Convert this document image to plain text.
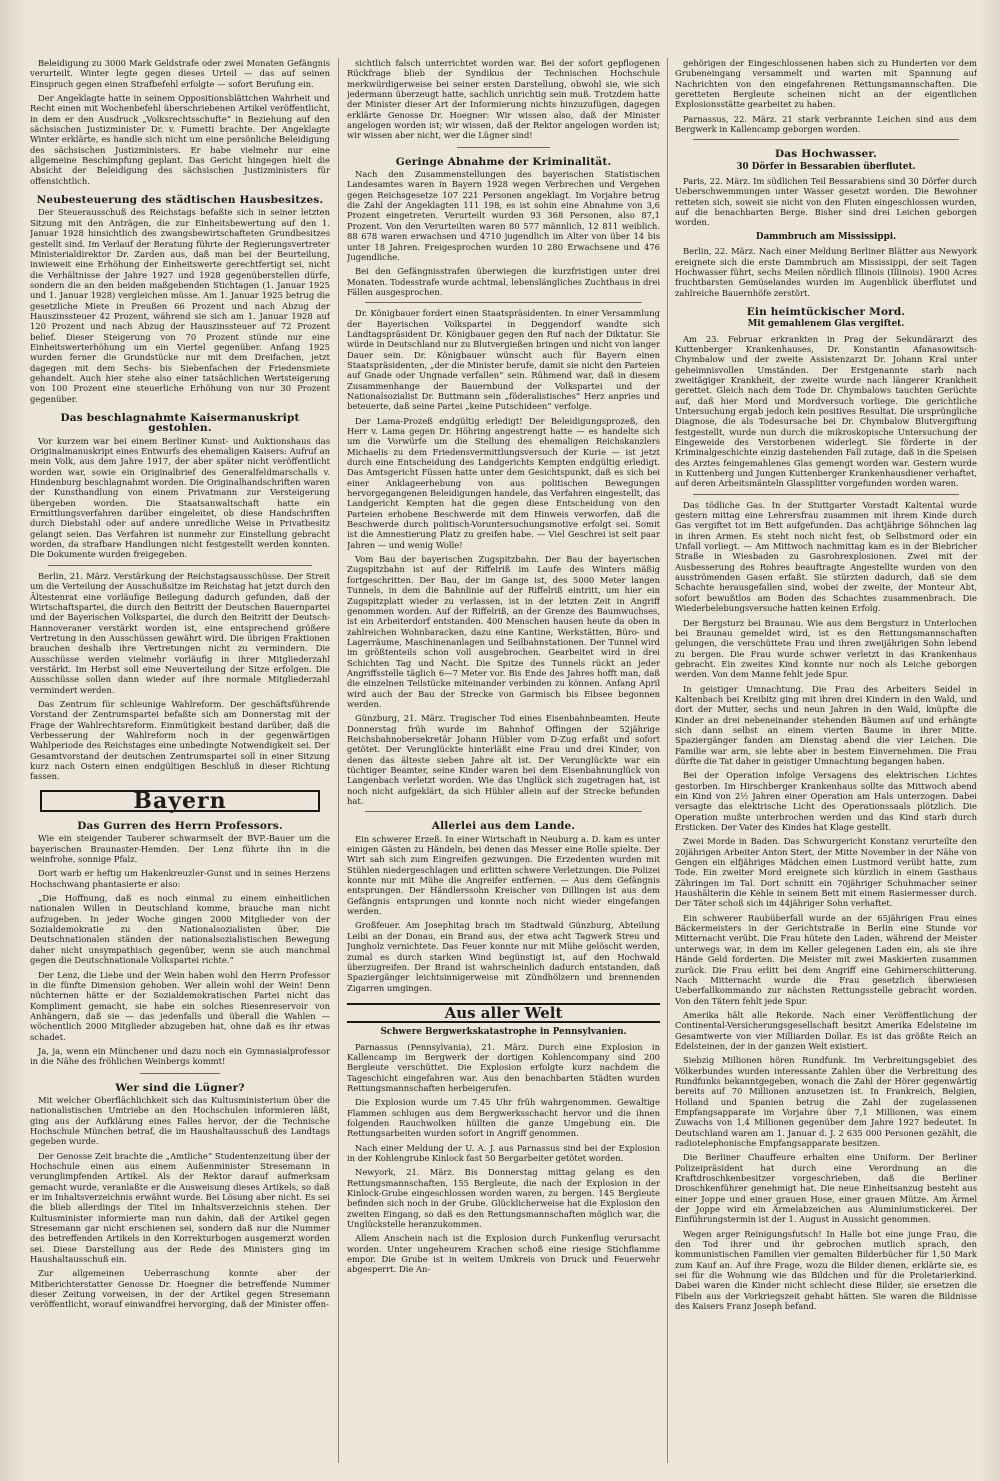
Beleidigung zu 3000 Mark Geldstrafe oder zwei Monaten Gefängnis verurteilt. Winter legte gegen dieses Urteil — das auf seinen Einspruch gegen einen Strafbefehl erfolgte — sofort Berufung ein.

Der Angeklagte hatte in seinem Oppositionsblättchen Wahrheit und Recht einen mit Wochenbefehl überschriebenen Artikel veröffentlicht, in dem er den Ausdruck „Volksrechtsschufte“ in Beziehung auf den sächsischen Justizminister Dr. v. Fumetti brachte. Der Angeklagte Winter erklärte, es handle sich nicht um eine persönliche Beleidigung des sächsischen Justizministers. Er habe vielmehr nur eine allgemeine Beschimpfung geplant. Das Gericht hingegen hielt die Absicht der Beleidigung des sächsischen Justizministers für offensichtlich.

Neubesteuerung des städtischen Hausbesitzes.

Der Steuerausschuß des Reichstags befaßte sich in seiner letzten Sitzung mit den Anträgen, die zur Einheitsbewertung auf den 1. Januar 1928 hinsichtlich des zwangsbewirtschafteten Grundbesitzes gestellt sind. Im Verlauf der Beratung führte der Regierungsvertreter Ministerialdirektor Dr. Zarden aus, daß man bei der Beurteilung, inwieweit eine Erhöhung der Einheitswerte gerechtfertigt sei, nicht die Verhältnisse der Jahre 1927 und 1928 gegenüberstellen dürfe, sondern die an den beiden maßgebenden Stichtagen (1. Januar 1925 und 1. Januar 1928) vergleichen müsse. Am 1. Januar 1925 betrug die gesetzliche Miete in Preußen 66 Prozent und nach Abzug der Hauszinssteuer 42 Prozent, während sie sich am 1. Januar 1928 auf 120 Prozent und nach Abzug der Hauszinssteuer auf 72 Prozent belief. Dieser Steigerung von 70 Prozent stünde nur eine Einheitswerterhöhung um ein Viertel gegenüber. Anfang 1925 wurden ferner die Grundstücke nur mit dem Dreifachen, jetzt dagegen mit dem Sechs- bis Siebenfachen der Friedensmiete gehandelt. Auch hier stehe also einer tatsächlichen Wertsteigerung von 100 Prozent eine steuerliche Erhöhung von nur 30 Prozent gegenüber.

Das beschlagnahmte Kaisermanuskript gestohlen.

Vor kurzem war bei einem Berliner Kunst- und Auktionshaus das Originalmanuskript eines Entwurfs des ehemaligen Kaisers: Aufruf an mein Volk, aus dem Jahre 1917, der aber später nicht veröffentlicht worden war, sowie ein Originalbrief des Generalfeldmarschalls v. Hindenburg beschlagnahmt worden. Die Originalhandschriften waren der Kunsthandlung von einem Privatmann zur Versteigerung übergeben worden. Die Staatsanwaltschaft hatte ein Ermittlungsverfahren darüber eingeleitet, ob diese Handschriften durch Diebstahl oder auf andere unredliche Weise in Privatbesitz gelangt seien. Das Verfahren ist nunmehr zur Einstellung gebracht worden, da strafbare Handlungen nicht festgestellt werden konnten. Die Dokumente wurden freigegeben.

Berlin, 21. März. Verstärkung der Reichstagsausschüsse. Der Streit um die Verteilung der Ausschußsitze im Reichstag hat jetzt durch den Ältestenrat eine vorläufige Beilegung dadurch gefunden, daß der Wirtschaftspartei, die durch den Beitritt der Deutschen Bauernpartei und der Bayerischen Volkspartei, die durch den Beitritt der Deutsch-Hannoveraner verstärkt worden ist, eine entsprechend größere Vertretung in den Ausschüssen gewährt wird. Die übrigen Fraktionen brauchen deshalb ihre Vertretungen nicht zu vermindern. Die Ausschüsse werden vielmehr vorläufig in ihrer Mitgliederzahl verstärkt. Im Herbst soll eine Neuverteilung der Sitze erfolgen. Die Ausschüsse sollen dann wieder auf ihre normale Mitgliederzahl vermindert werden.

Das Zentrum für schleunige Wahlreform. Der geschäftsführende Vorstand der Zentrumspartei befaßte sich am Donnerstag mit der Frage der Wahlrechtsreform. Einmütigkeit bestand darüber, daß die Verbesserung der Wahlreform noch in der gegenwärtigen Wahlperiode des Reichstages eine unbedingte Notwendigkeit sei. Der Gesamtvorstand der deutschen Zentrumspartei soll in einer Sitzung kurz nach Ostern einen endgültigen Beschluß in dieser Richtung fassen.

Bayern
Das Gurren des Herrn Professors.

Wie ein steigender Tauberer schwarmselt der BVP.-Bauer um die bayerischen Braunaster-Hemden. Der Lenz führte ihn in die weinfrohe, sonnige Pfalz.

Dort warb er heftig um Hakenkreuzler-Gunst und in seines Herzens Hochschwang phantasierte er also:

„Die Hoffnung, daß es noch einmal zu einem einheitlichen nationalen Willen in Deutschland komme, brauche man nicht aufzugeben. In jeder Woche gingen 2000 Mitglieder von der Sozialdemokratie zu den Nationalsozialisten über. Die Deutschnationalen ständen der nationalsozialistischen Bewegung daher nicht unsympathisch gegenüber, wenn sie auch manchmal gegen die Deutschnationale Volkspartei richte.“

Der Lenz, die Liebe und der Wein haben wohl den Herrn Professor in die fünfte Dimension gehoben. Wer allein wohl der Wein! Denn nüchternen hätte er der Sozialdemokratischen Partei nicht das Kompliment gemacht, sie habe ein solches Riesenreservoir von Anhängern, daß sie — das jedenfalls und überall die Wahlen — wöchentlich 2000 Mitglieder abzugeben hat, ohne daß es ihr etwas schadet.

Ja, ja, wenn ein Münchener und dazu noch ein Gymnasialprofessor in die Nähe des fröhlichen Weinbergs kommt!

Wer sind die Lügner?

Mit welcher Oberflächlichkeit sich das Kultusministerium über die nationalistischen Umtriebe an den Hochschulen informieren läßt, ging aus der Aufklärung eines Falles hervor, der die Technische Hochschule München betraf, die im Haushaltausschuß des Landtags gegeben wurde.

Der Genosse Zeit brachte die „Amtliche“ Studentenzeitung über der Hochschule einen aus einem Außenminister Stresemann in verunglimpfenden Artikel. Als der Rektor darauf aufmerksam gemacht wurde, veranlaßte er die Ausweisung dieses Artikels, so daß er im Inhaltsverzeichnis erwähnt wurde. Bei Lösung aber nicht. Es sei die blieb allerdings der Titel im Inhaltsverzeichnis stehen. Der Kultusminister informierte man nun dahin, daß der Artikel gegen Stresemann gar nicht erschienen sei, sondern daß nur die Nummer des betreffenden Artikels in den Korrekturbogen ausgemerzt worden sei. Diese Darstellung aus der Rede des Ministers ging im Haushaltausschuß ein.

Zur allgemeinen Ueberraschung konnte aber der Mitberichterstatter Genosse Dr. Hoegner die betreffende Nummer dieser Zeitung vorweisen, in der der Artikel gegen Stresemann veröffentlicht, worauf einwandfrei hervorging, daß der Minister offen-

sichtlich falsch unterrichtet worden war. Bei der sofort gepflogenen Rückfrage blieb der Syndikus der Technischen Hochschule merkwürdigerweise bei seiner ersten Darstellung, obwohl sie, wie sich jedermann überzeugt hatte, sachlich unrichtig sein muß. Trotzdem hatte der Minister dieser Art der Informierung nichts hinzuzufügen, dagegen erklärte Genosse Dr. Hoegner: Wir wissen also, daß der Minister angelogen worden ist; wir wissen, daß der Rektor angelogen worden ist; wir wissen aber nicht, wer die Lügner sind!

Geringe Abnahme der Kriminalität.

Nach den Zusammenstellungen des bayerischen Statistischen Landesamtes waren in Bayern 1928 wegen Verbrechen und Vergehen gegen Reichsgesetze 107 221 Personen angeklagt. Im Vorjahre betrug die Zahl der Angeklagten 111 198, es ist sohin eine Abnahme von 3,6 Prozent eingetreten. Verurteilt wurden 93 368 Personen, also 87,1 Prozent. Von den Verurteilten waren 80 577 männlich, 12 811 weiblich. 88 678 waren erwachsen und 4710 jugendlich im Alter von über 14 bis unter 18 Jahren. Freigesprochen wurden 10 280 Erwachsene und 476 Jugendliche.

Bei den Gefängnisstrafen überwiegen die kurzfristigen unter drei Monaten. Todesstrafe wurde achtmal, lebenslängliches Zuchthaus in drei Fällen ausgesprochen.

Dr. Königbauer fordert einen Staatspräsidenten. In einer Versammlung der Bayerischen Volkspartei in Deggendorf wandte sich Landtagspräsident Dr. Königbauer gegen den Ruf nach der Diktatur. Sie würde in Deutschland nur zu Blutvergießen bringen und nicht von langer Dauer sein. Dr. Königbauer wünscht auch für Bayern einen Staatspräsidenten, „der die Minister berufe, damit sie nicht den Parteien auf Gnade oder Ungnade verfallen“ sein. Rühmend war, daß in diesem Zusammenhange der Bauernbund der Volkspartei und der Nationalsozialist Dr. Buttmann sein „föderalistisches“ Herz anpries und beteuerte, daß seine Partei „keine Putschideen“ verfolge.

Der Lama-Prozeß endgültig erledigt! Der Beleidigungsprozeß, den Herr v. Lama gegen Dr. Höhring angestrengt hatte — es handelte sich um die Vorwürfe um die Stellung des ehemaligen Reichskanzlers Michaelis zu dem Friedensvermittlungsversuch der Kurie — ist jetzt durch eine Entscheidung des Landgerichts Kempten endgültig erledigt. Das Amtsgericht Füssen hatte unter dem Gesichtspunkt, daß es sich bei einer Anklageerhebung von aus politischen Bewegungen hervorgegangenen Beleidigungen handele, das Verfahren eingestellt, das Landgericht Kempten hat die gegen diese Entscheidung von den Parteien erhobene Beschwerde mit dem Hinweis verworfen, daß die Beschwerde durch politisch-Voruntersuchungsmotive erfolgt sei. Somit ist die Amnestierung Platz zu greifen habe. — Viel Geschrei ist seit paar Jahren — und wenig Wolle!

Vom Bau der bayerischen Zugspitzbahn. Der Bau der bayerischen Zugspitzbahn ist auf der Riffelriß im Laufe des Winters mäßig fortgeschritten. Der Bau, der im Gange ist, des 5000 Meter langen Tunnels, in dem die Bahnlinie auf der Riffelriß eintritt, um hier ein Zugspitzplatt wieder zu verlassen, ist in der letzten Zeit in Angriff genommen worden. Auf der Riffelriß, an der Grenze des Baumwuchses, ist ein Arbeiterdorf entstanden. 400 Menschen hausen heute da oben in zahlreichen Wohnbaracken, dazu eine Kantine, Werkstätten, Büro- und Lagerräume, Maschinenanlagen und Seilbahnstationen. Der Tunnel wird im größtenteils schon voll ausgebrochen. Gearbeitet wird in drei Schichten Tag und Nacht. Die Spitze des Tunnels rückt an jeder Angriffsstelle täglich 6—7 Meter vor. Bis Ende des Jahres hofft man, daß die einzelnen Teilstücke miteinander verbinden zu können. Anfang April wird auch der Bau der Strecke von Garmisch bis Eibsee begonnen werden.

Günzburg, 21. März. Tragischer Tod eines Eisenbahnbeamten. Heute Donnerstag früh wurde im Bahnhof Offingen der 52jährige Reichsbahnobersekretär Johann Hübler vom D-Zug erfaßt und sofort getötet. Der Verunglückte hinterläßt eine Frau und drei Kinder, von denen das älteste sieben Jahre alt ist. Der Verunglückte war ein tüchtiger Beamter, seine Kinder waren bei dem Eisenbahnunglück von Langenbach verletzt worden. Wie das Unglück sich zugetragen hat, ist noch nicht aufgeklärt, da sich Hübler allein auf der Strecke befunden hat.

Allerlei aus dem Lande.

Ein schwerer Erzeß. In einer Wirtschaft in Neuburg a. D. kam es unter einigen Gästen zu Händeln, bei denen das Messer eine Rolle spielte. Der Wirt sah sich zum Eingreifen gezwungen. Die Erzedenten wurden mit Stühlen niedergeschlagen und erlitten schwere Verletzungen. Die Polizei konnte nur mit Mühe die Angreifer entfernen. — Aus dem Gefängnis entsprungen. Der Händlerssohn Kreischer von Dillingen ist aus dem Gefängnis entsprungen und konnte noch nicht wieder eingefangen werden.

Großfeuer. Am Josephitag brach im Stadtwald Günzburg, Abteilung Leibi an der Donau, ein Brand aus, der etwa acht Tagwerk Streu und Jungholz vernichtete. Das Feuer konnte nur mit Mühe gelöscht werden, zumal es durch starken Wind begünstigt ist, auf den Hochwald überzugreifen. Der Brand ist wahrscheinlich dadurch entstanden, daß Spaziergänger leichtsinnigerweise mit Zündhölzern und brennenden Zigarren umgingen.

Aus aller Welt
Schwere Bergwerkskatastrophe in Pennsylvanien.

Parnassus (Pennsylvania), 21. März. Durch eine Explosion in Kallencamp im Bergwerk der dortigen Kohlencompany sind 200 Bergleute verschüttet. Die Explosion erfolgte kurz nachdem die Tageschicht eingefahren war. Aus den benachbarten Städten wurden Rettungsmannschaften herbeigerufen.

Die Explosion wurde um 7.45 Uhr früh wahrgenommen. Gewaltige Flammen schlugen aus dem Bergwerksschacht hervor und die ihnen folgenden Rauchwolken hüllten die ganze Umgebung ein. Die Rettungsarbeiten wurden sofort in Angriff genommen.

Nach einer Meldung der U. A. J. aus Parnassus sind bei der Explosion in der Kohlengrube Kinlock fast 50 Bergarbeiter getötet worden.

Newyork, 21. März. Bis Donnerstag mittag gelang es den Rettungsmannschaften, 155 Bergleute, die nach der Explosion in der Kinlock-Grube eingeschlossen worden waren, zu bergen. 145 Bergleute befinden sich noch in der Grube. Glücklicherweise hat die Explosion den zweiten Eingang, so daß es den Rettungsmannschaften möglich war, die Unglückstelle heranzukommen.

Allem Anschein nach ist die Explosion durch Funkenflug verursacht worden. Unter ungeheurem Krachen schoß eine riesige Stichflamme empor. Die Grube ist in weitem Umkreis von Druck und Feuerwehr abgesperrt. Die An-

gehörigen der Eingeschlossenen haben sich zu Hunderten vor dem Grubeneingang versammelt und warten mit Spannung auf Nachrichten von den eingefahrenen Rettungsmannschaften. Die geretteten Bergleute scheinen nicht an der eigentlichen Explosionsstätte gearbeitet zu haben.

Parnassus, 22. März. 21 stark verbrannte Leichen sind aus dem Bergwerk in Kallencamp geborgen worden.

Das Hochwasser.
30 Dörfer in Bessarabien überflutet.

Paris, 22. März. Im südlichen Teil Bessarabiens sind 30 Dörfer durch Ueberschwemmungen unter Wasser gesetzt worden. Die Bewohner retteten sich, soweit sie nicht von den Fluten eingeschlossen wurden, auf die benachbarten Berge. Bisher sind drei Leichen geborgen worden.

Dammbruch am Mississippi.

Berlin, 22. März. Nach einer Meldung Berliner Blätter aus Newyork ereignete sich die erste Dammbruch am Mississippi, der seit Tagen Hochwasser führt, sechs Meilen nördlich Illinois (Illinois). 1900 Acres fruchtbarsten Gemüselandes wurden im Augenblick überflutet und zahlreiche Bauernhöfe zerstört.

Ein heimtückischer Mord.
Mit gemahlenem Glas vergiftet.

Am 23. Februar erkrankten in Prag der Sekundärarzt des Kuttenberger Krankenhauses, Dr. Konstantin Afanasowitsch-Chymbalow und der zweite Assistenzarzt Dr. Johann Kral unter geheimnisvollen Umständen. Der Erstgenannte starb nach zweitägiger Krankheit, der zweite wurde nach längerer Krankheit gerettet. Gleich nach dem Tode Dr. Chymbalows tauchten Gerüchte auf, daß hier Mord und Mordversuch vorliege. Die gerichtliche Untersuchung ergab jedoch kein positives Resultat. Die ursprüngliche Diagnose, die als Todesursache bei Dr. Chymbalow Blutvergiftung festgestellt, wurde nun durch die mikroskopische Untersuchung der Eingeweide des Verstorbenen widerlegt. Sie förderte in der Kriminalgeschichte einzig dastehenden Fall zutage, daß in die Speisen des Arztes feingemahlenes Glas gemengt worden war. Gestern wurde in Kuttenberg und Jungen Kuttenberger Krankenhausdiener verhaftet, auf deren Arbeitsmänteln Glassplitter vorgefunden worden waren.

Das tödliche Gas. In der Stuttgarter Vorstadt Kaltental wurde gestern mittag eine Lehrersfrau zusammen mit ihrem Kinde durch Gas vergiftet tot im Bett aufgefunden. Das achtjährige Söhnchen lag in ihren Armen. Es steht noch nicht fest, ob Selbstmord oder ein Unfall vorliegt. — Am Mittwoch nachmittag kam es in der Biebricher Straße in Wiesbaden zu Gasrohrexplosionen. Zwei mit der Ausbesserung des Rohres beauftragte Angestellte wurden von den ausströmenden Gasen erfaßt. Sie stürzten dadurch, daß sie dem Schachte herausgefallen sind, wobei der zweite, der Monteur Abt, sofort bewußtlos am Boden des Schachtes zusammenbrach. Die Wiederbelebungsversuche hatten keinen Erfolg.

Der Bergsturz bei Braunau. Wie aus dem Bergsturz in Unterlochen bei Braunau gemeldet wird, ist es den Rettungsmannschaften gelungen, die verschüttete Frau und ihren zweijährigen Sohn lebend zu bergen. Die Frau wurde schwer verletzt in das Krankenhaus gebracht. Ein zweites Kind konnte nur noch als Leiche geborgen werden. Von dem Manne fehlt jede Spur.

In geistiger Umnachtung. Die Frau des Arbeiters Seidel in Kaltenbach bei Kreibitz ging mit ihren drei Kindern in den Wald, und dort der Mutter, sechs und neun Jahren in den Wald, knüpfte die Kinder an drei nebeneinander stehenden Bäumen auf und erhängte sich dann selbst an einem vierten Baume in ihrer Mitte. Spaziergänger fanden am Dienstag abend die vier Leichen. Die Familie war arm, sie lebte aber in bestem Einvernehmen. Die Frau dürfte die Tat daher in geistiger Umnachtung begangen haben.

Bei der Operation infolge Versagens des elektrischen Lichtes gestorben. Im Hirschberger Krankenhaus sollte das Mittwoch abend ein Kind von 2½ Jahren einer Operation am Hals unterzogen. Dabei versagte das elektrische Licht des Operationssaals plötzlich. Die Operation mußte unterbrochen werden und das Kind starb durch Ersticken. Der Vater des Kindes hat Klage gestellt.

Zwei Morde in Baden. Das Schwurgericht Konstanz verurteilte den 20jährigen Arbeiter Anton Stert, der Mitte November in der Nähe von Gengen ein elfjähriges Mädchen einen Lustmord verübt hatte, zum Tode. Ein zweiter Mord ereignete sich kürzlich in einem Gasthaus Zähringen im Tal. Dort schnitt ein 70jähriger Schuhmacher seiner Haushälterin die Kehle in seinem Bett mit einem Rasiermesser durch. Der Täter schoß sich im 44jähriger Sohn verhaftet.

Ein schwerer Raubüberfall wurde an der 65jährigen Frau eines Bäckermeisters in der Gerichtstraße in Berlin eine Stunde vor Mitternacht verübt. Die Frau hütete den Laden, während der Meister unterwegs war, in dem im Keller gelegenen Laden ein, als sie ihre Hände Geld forderten. Die Meister mit zwei Maskierten zusammen zurück. Die Frau erlitt bei dem Angriff eine Gehirnerschütterung. Nach Mitternacht wurde die Frau gesetzlich überwiesen Ueberfallkommando zur nächsten Rettungsstelle gebracht worden. Von den Tätern fehlt jede Spur.

Amerika hält alle Rekorde. Nach einer Veröffentlichung der Continental-Versicherungsgesellschaft besitzt Amerika Edelsteine im Gesamtwerte von vier Milliarden Dollar. Es ist das größte Reich an Edelsteinen, der in der ganzen Welt existiert.

Siebzig Millionen hören Rundfunk. Im Verbreitungsgebiet des Völkerbundes wurden interessante Zahlen über die Verbreitung des Rundfunks bekanntgegeben, wonach die Zahl der Hörer gegenwärtig bereits auf 70 Millionen anzusetzen ist. In Frankreich, Belgien, Holland und Spanien betrug die Zahl der zugelassenen Empfangsapparate im Vorjahre über 7,1 Millionen, was einem Zuwachs von 1,4 Millionen gegenüber dem Jahre 1927 bedeutet. In Deutschland waren am 1. Januar d. J. 2 635 000 Personen gezählt, die radiotelephonische Empfangsapparate besitzen.

Die Berliner Chauffeure erhalten eine Uniform. Der Berliner Polizeipräsident hat durch eine Verordnung an die Kraftdroschkenbesitzer vorgeschrieben, daß die Berliner Droschkenführer genehmigt hat. Die neue Einheitsanzug besteht aus einer Joppe und einer grauen Hose, einer grauen Mütze. Am Ärmel der Joppe wird ein Ärmelabzeichen aus Aluminiumstickerei. Der Einführungstermin ist der 1. August in Aussicht genommen.

Wegen arger Reinigungsfutsch! In Halle bot eine junge Frau, die den Tod ihrer und ihr gebrochen mutlich sprach, den kommunistischen Familien vier gemalten Bilderbücher für 1,50 Mark zum Kauf an. Auf ihre Frage, wozu die Bilder dienen, erklärte sie, es sei für die Wohnung wie das Bildchen und für die Proletarierkind. Dabei waren die Kinder nicht schlecht diese Bilder, sie ersetzen die Fibeln aus der Vorkriegszeit gehabt hätten. Sie waren die Bildnisse des Kaisers Franz Joseph befand.
